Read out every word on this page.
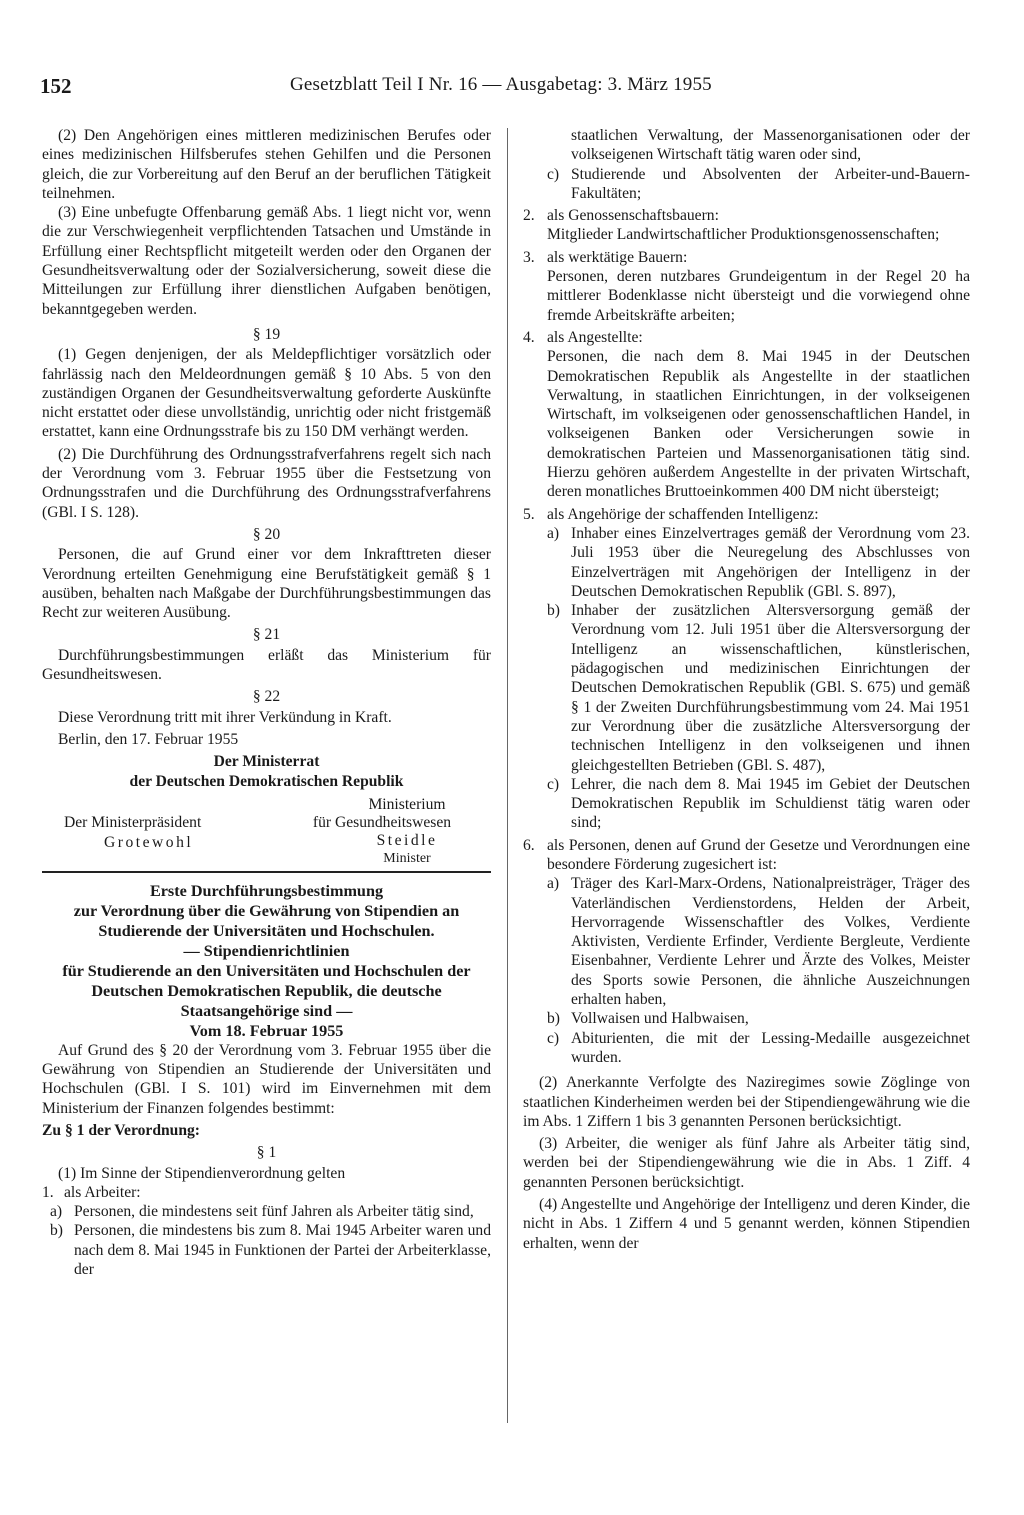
152	Gesetzblatt Teil I Nr. 16 — Ausgabetag: 3. März 1955

(2) Den Angehörigen eines mittleren medizinischen Berufes oder eines medizinischen Hilfsberufes stehen Gehilfen und die Personen gleich, die zur Vorbereitung auf den Beruf an der beruflichen Tätigkeit teilnehmen.

(3) Eine unbefugte Offenbarung gemäß Abs. 1 liegt nicht vor, wenn die zur Verschwiegenheit verpflichtenden Tatsachen und Umstände in Erfüllung einer Rechtspflicht mitgeteilt werden oder den Organen der Gesundheitsverwaltung oder der Sozialversicherung, soweit diese die Mitteilungen zur Erfüllung ihrer dienstlichen Aufgaben benötigen, bekanntgegeben werden.

§ 19

(1) Gegen denjenigen, der als Meldepflichtiger vorsätzlich oder fahrlässig nach den Meldeordnungen gemäß § 10 Abs. 5 von den zuständigen Organen der Gesundheitsverwaltung geforderte Auskünfte nicht erstattet oder diese unvollständig, unrichtig oder nicht fristgemäß erstattet, kann eine Ordnungsstrafe bis zu 150 DM verhängt werden.

(2) Die Durchführung des Ordnungsstrafverfahrens regelt sich nach der Verordnung vom 3. Februar 1955 über die Festsetzung von Ordnungsstrafen und die Durchführung des Ordnungsstrafverfahrens (GBl. I S. 128).

§ 20

Personen, die auf Grund einer vor dem Inkrafttreten dieser Verordnung erteilten Genehmigung eine Berufstätigkeit gemäß § 1 ausüben, behalten nach Maßgabe der Durchführungsbestimmungen das Recht zur weiteren Ausübung.

§ 21

Durchführungsbestimmungen erläßt das Ministerium für Gesundheitswesen.

§ 22

Diese Verordnung tritt mit ihrer Verkündung in Kraft.

Berlin, den 17. Februar 1955

Der Ministerrat

der Deutschen Demokratischen Republik

Der Ministerpräsident
Grotewohl
Ministerium
für Gesundheitswesen
Steidle
Minister

Erste Durchführungsbestimmung

zur Verordnung über die Gewährung von Stipendien an Studierende der Universitäten und Hochschulen.

— Stipendienrichtlinien

für Studierende an den Universitäten und Hochschulen der Deutschen Demokratischen Republik, die deutsche Staatsangehörige sind —

Vom 18. Februar 1955

Auf Grund des § 20 der Verordnung vom 3. Februar 1955 über die Gewährung von Stipendien an Studierende der Universitäten und Hochschulen (GBl. I S. 101) wird im Einvernehmen mit dem Ministerium der Finanzen folgendes bestimmt:

Zu § 1 der Verordnung:

§ 1

(1) Im Sinne der Stipendienverordnung gelten

1. als Arbeiter:
a) Personen, die mindestens seit fünf Jahren als Arbeiter tätig sind,
b) Personen, die mindestens bis zum 8. Mai 1945 Arbeiter waren und nach dem 8. Mai 1945 in Funktionen der Partei der Arbeiterklasse, der

staatlichen Verwaltung, der Massenorganisationen oder der volkseigenen Wirtschaft tätig waren oder sind,

c) Studierende und Absolventen der Arbeiter-und-Bauern-Fakultäten;
2. als Genossenschaftsbauern:

Mitglieder Landwirtschaftlicher Produktionsgenossenschaften;

3. als werktätige Bauern:

Personen, deren nutzbares Grundeigentum in der Regel 20 ha mittlerer Bodenklasse nicht übersteigt und die vorwiegend ohne fremde Arbeitskräfte arbeiten;

4. als Angestellte:

Personen, die nach dem 8. Mai 1945 in der Deutschen Demokratischen Republik als Angestellte in der staatlichen Verwaltung, in staatlichen Einrichtungen, in der volkseigenen Wirtschaft, im volkseigenen oder genossenschaftlichen Handel, in volkseigenen Banken oder Versicherungen sowie in demokratischen Parteien und Massenorganisationen tätig sind. Hierzu gehören außerdem Angestellte in der privaten Wirtschaft, deren monatliches Bruttoeinkommen 400 DM nicht übersteigt;

5. als Angehörige der schaffenden Intelligenz:
a) Inhaber eines Einzelvertrages gemäß der Verordnung vom 23. Juli 1953 über die Neuregelung des Abschlusses von Einzelverträgen mit Angehörigen der Intelligenz in der Deutschen Demokratischen Republik (GBl. S. 897),
b) Inhaber der zusätzlichen Altersversorgung gemäß der Verordnung vom 12. Juli 1951 über die Altersversorgung der Intelligenz an wissenschaftlichen, künstlerischen, pädagogischen und medizinischen Einrichtungen der Deutschen Demokratischen Republik (GBl. S. 675) und gemäß § 1 der Zweiten Durchführungsbestimmung vom 24. Mai 1951 zur Verordnung über die zusätzliche Altersversorgung der technischen Intelligenz in den volkseigenen und ihnen gleichgestellten Betrieben (GBl. S. 487),
c) Lehrer, die nach dem 8. Mai 1945 im Gebiet der Deutschen Demokratischen Republik im Schuldienst tätig waren oder sind;
6. als Personen, denen auf Grund der Gesetze und Verordnungen eine besondere Förderung zugesichert ist:
a) Träger des Karl-Marx-Ordens, Nationalpreisträger, Träger des Vaterländischen Verdienstordens, Helden der Arbeit, Hervorragende Wissenschaftler des Volkes, Verdiente Aktivisten, Verdiente Erfinder, Verdiente Bergleute, Verdiente Eisenbahner, Verdiente Lehrer und Ärzte des Volkes, Meister des Sports sowie Personen, die ähnliche Auszeichnungen erhalten haben,
b) Vollwaisen und Halbwaisen,
c) Abiturienten, die mit der Lessing-Medaille ausgezeichnet wurden.

(2) Anerkannte Verfolgte des Naziregimes sowie Zöglinge von staatlichen Kinderheimen werden bei der Stipendiengewährung wie die im Abs. 1 Ziffern 1 bis 3 genannten Personen berücksichtigt.

(3) Arbeiter, die weniger als fünf Jahre als Arbeiter tätig sind, werden bei der Stipendiengewährung wie die in Abs. 1 Ziff. 4 genannten Personen berücksichtigt.

(4) Angestellte und Angehörige der Intelligenz und deren Kinder, die nicht in Abs. 1 Ziffern 4 und 5 genannt werden, können Stipendien erhalten, wenn der
